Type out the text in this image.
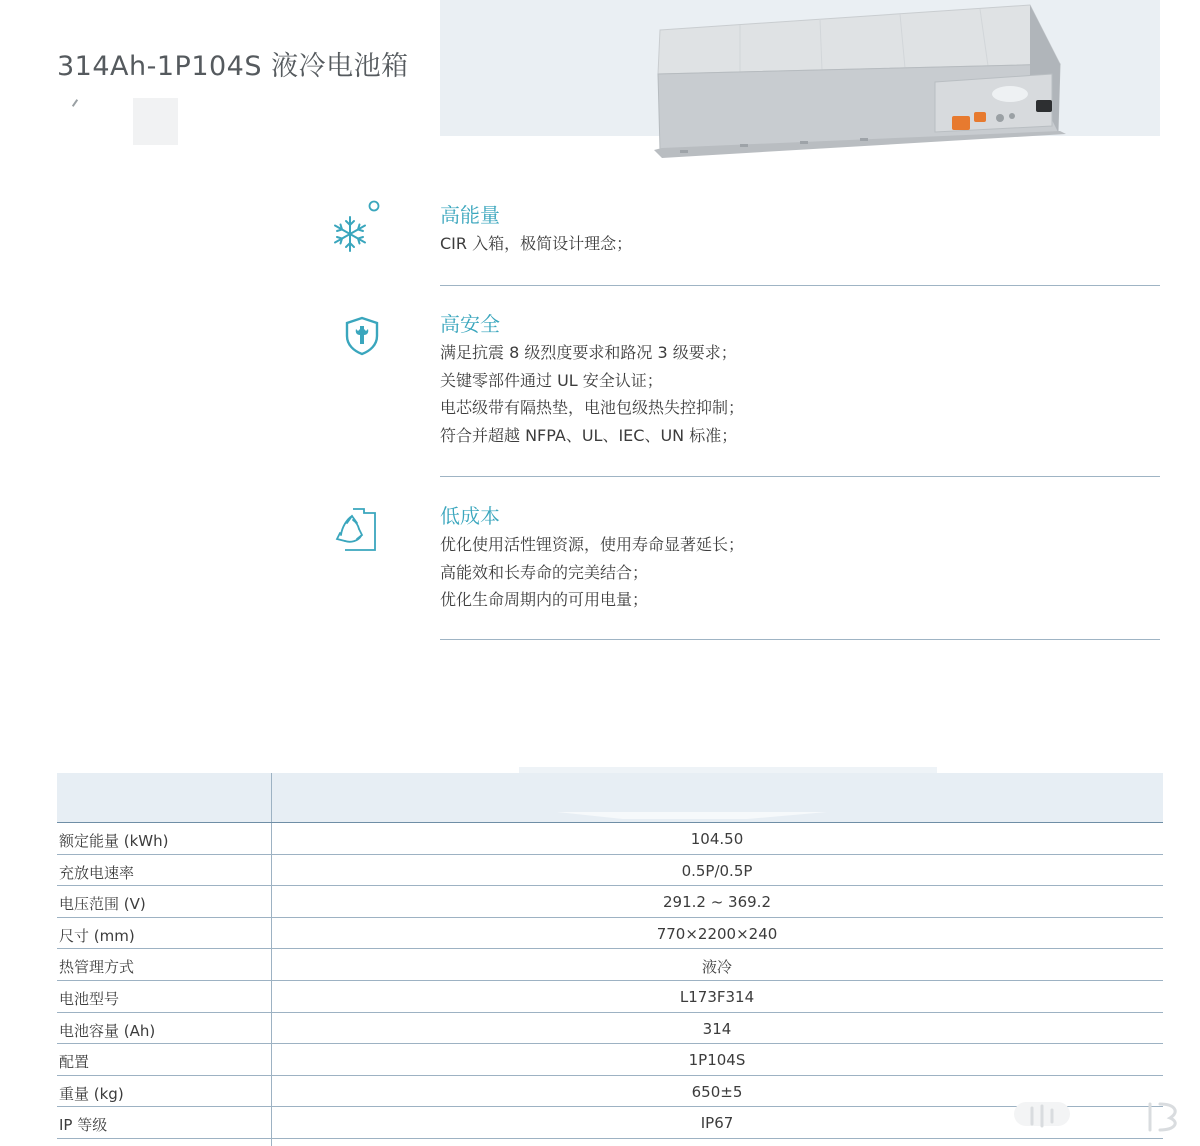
314Ah-1P104S 液冷电池箱
高能量
CIR 入箱，极简设计理念；
高安全
满足抗震 8 级烈度要求和路况 3 级要求；
关键零部件通过 UL 安全认证；
电芯级带有隔热垫，电池包级热失控抑制；
符合并超越 NFPA、UL、IEC、UN 标准；
低成本
优化使用活性锂资源，使用寿命显著延长；
高能效和长寿命的完美结合；
优化生命周期内的可用电量；
额定能量 (kWh)	104.50
充放电速率	0.5P/0.5P
电压范围 (V)	291.2 ~ 369.2
尺寸 (mm)	770×2200×240
热管理方式	液冷
电池型号	L173F314
电池容量 (Ah)	314
配置	1P104S
重量 (kg)	650±5
IP 等级	IP67
